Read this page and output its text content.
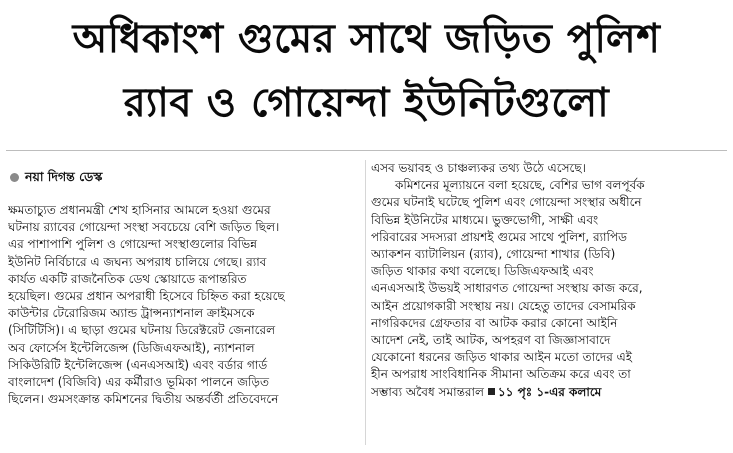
অধিকাংশ গুমের সাথে জড়িত পুলিশ
র‍্যাব ও গোয়েন্দা ইউনিটগুলো
নয়া দিগন্ত ডেস্ক
ক্ষমতাচ্যুত প্রধানমন্ত্রী শেখ হাসিনার আমলে হওয়া গুমের
ঘটনায় র‍্যাবের গোয়েন্দা সংস্থা সবচেয়ে বেশি জড়িত ছিল।
এর পাশাপাশি পুলিশ ও গোয়েন্দা সংস্থাগুলোর বিভিন্ন
ইউনিট নির্বিচারে এ জঘন্য অপরাধ চালিয়ে গেছে। র‍্যাব
কার্যত একটি রাজনৈতিক ডেথ স্কোয়াডে রূপান্তরিত
হয়েছিল। গুমের প্রধান অপরাধী হিসেবে চিহ্নিত করা হয়েছে
কাউন্টার টেরোরিজম অ্যান্ড ট্রান্সন্যাশনাল ক্রাইমসকে
(সিটিটিসি)। এ ছাড়া গুমের ঘটনায় ডিরেক্টরেট জেনারেল
অব ফোর্সেস ইন্টেলিজেন্স (ডিজিএফআই), ন্যাশনাল
সিকিউরিটি ইন্টেলিজেন্স (এনএসআই) এবং বর্ডার গার্ড
বাংলাদেশ (বিজিবি) এর কর্মীরাও ভূমিকা পালনে জড়িত
ছিলেন। গুমসংক্রান্ত কমিশনের দ্বিতীয় অন্তর্বর্তী প্রতিবেদনে
এসব ভয়াবহ ও চাঞ্চল্যকর তথ্য উঠে এসেছে।
কমিশনের মূল্যায়নে বলা হয়েছে, বেশির ভাগ বলপূর্বক
গুমের ঘটনাই ঘটেছে পুলিশ এবং গোয়েন্দা সংস্থার অধীনে
বিভিন্ন ইউনিটের মাধ্যমে। ভুক্তভোগী, সাক্ষী এবং
পরিবারের সদস্যরা প্রায়শই গুমের সাথে পুলিশ, র‍্যাপিড
অ্যাকশন ব্যাটালিয়ন (র‍্যাব), গোয়েন্দা শাখার (ডিবি)
জড়িত থাকার কথা বলেছে। ডিজিএফআই এবং
এনএসআই উভয়ই সাধারণত গোয়েন্দা সংস্থায় কাজ করে,
আইন প্রয়োগকারী সংস্থায় নয়। যেহেতু তাদের বেসামরিক
নাগরিকদের গ্রেফতার বা আটক করার কোনো আইনি
আদেশ নেই, তাই আটক, অপহরণ বা জিজ্ঞাসাবাদে
যেকোনো ধরনের জড়িত থাকার আইন মতো তাদের এই
হীন অপরাধ সাংবিধানিক সীমানা অতিক্রম করে এবং তা
সম্ভাব্য অবৈধ সমান্তরাল ১১ পৃঃ ১-এর কলামে
